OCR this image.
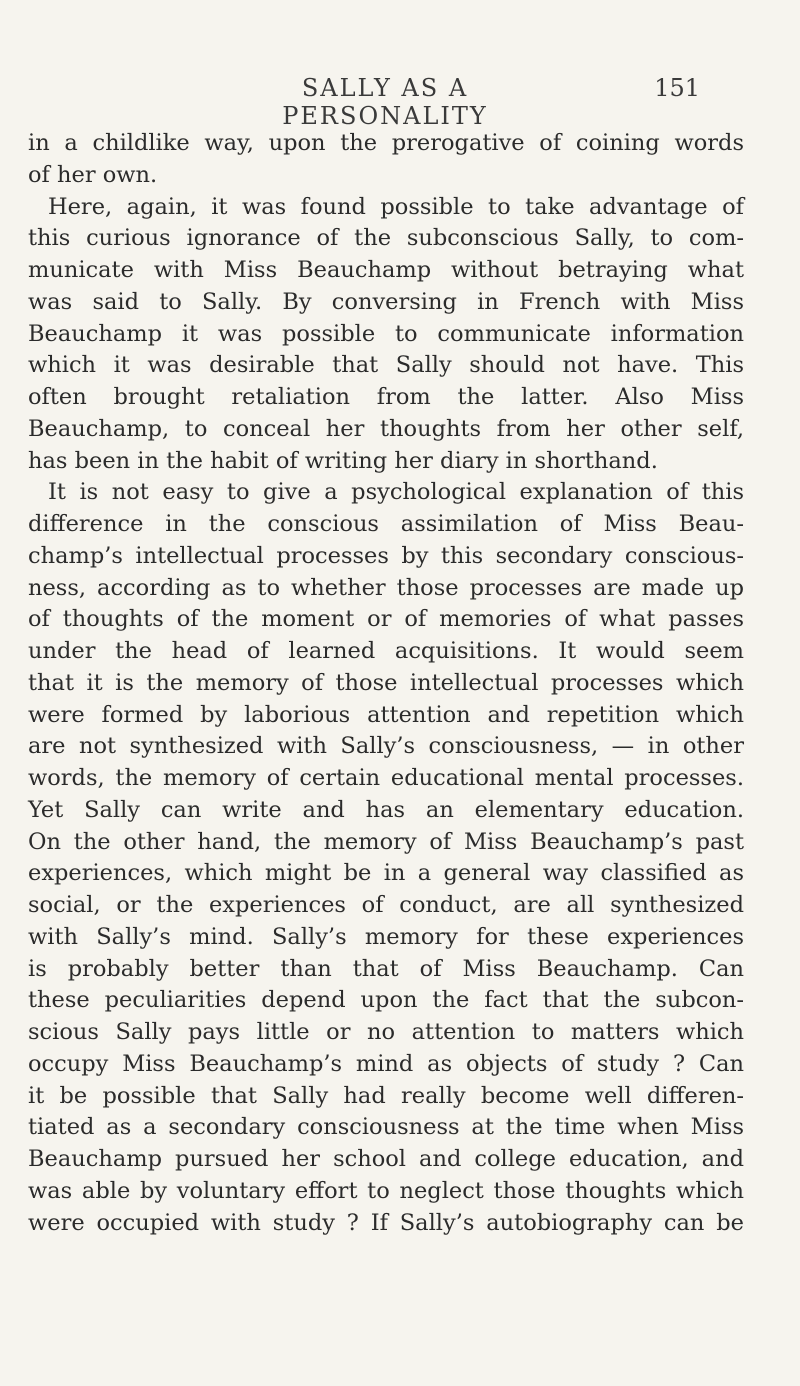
SALLY AS A PERSONALITY
151
in a childlike way, upon the prerogative of coining words
of her own.
Here, again, it was found possible to take advantage of
this curious ignorance of the subconscious Sally, to com-
municate with Miss Beauchamp without betraying what
was said to Sally. By conversing in French with Miss
Beauchamp it was possible to communicate information
which it was desirable that Sally should not have. This
often brought retaliation from the latter. Also Miss
Beauchamp, to conceal her thoughts from her other self,
has been in the habit of writing her diary in shorthand.
It is not easy to give a psychological explanation of this
difference in the conscious assimilation of Miss Beau-
champ’s intellectual processes by this secondary conscious-
ness, according as to whether those processes are made up
of thoughts of the moment or of memories of what passes
under the head of learned acquisitions. It would seem
that it is the memory of those intellectual processes which
were formed by laborious attention and repetition which
are not synthesized with Sally’s consciousness, — in other
words, the memory of certain educational mental processes.
Yet Sally can write and has an elementary education.
On the other hand, the memory of Miss Beauchamp’s past
experiences, which might be in a general way classified as
social, or the experiences of conduct, are all synthesized
with Sally’s mind. Sally’s memory for these experiences
is probably better than that of Miss Beauchamp. Can
these peculiarities depend upon the fact that the subcon-
scious Sally pays little or no attention to matters which
occupy Miss Beauchamp’s mind as objects of study ? Can
it be possible that Sally had really become well differen-
tiated as a secondary consciousness at the time when Miss
Beauchamp pursued her school and college education, and
was able by voluntary effort to neglect those thoughts which
were occupied with study ? If Sally’s autobiography can be
